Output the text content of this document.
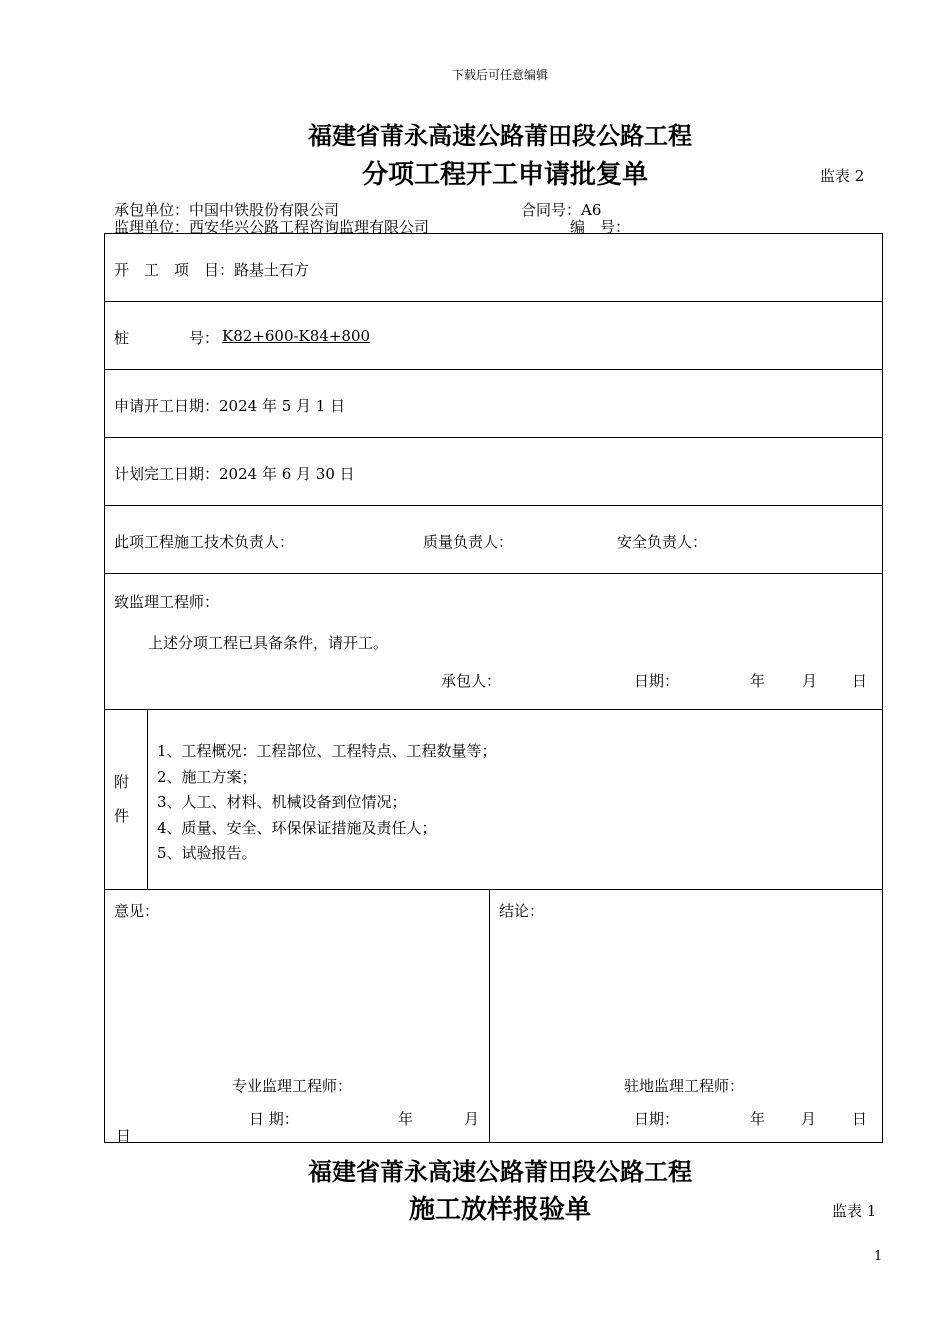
下载后可任意编辑
福建省莆永高速公路莆田段公路工程
分项工程开工申请批复单	监表 2
承包单位：中国中铁股份有限公司	合同号：A6
监理单位：西安华兴公路工程咨询监理有限公司	编　号：
开　工　项　目：路基土石方
桩　　　　号： K82+600-K84+800
申请开工日期：2024 年 5 月 1 日
计划完工日期：2024 年 6 月 30 日
此项工程施工技术负责人：	质量负责人：	安全负责人：
致监理工程师：
上述分项工程已具备条件，请开工。
承包人：	日期：	年 月 日
附
件
1、工程概况：工程部位、工程特点、工程数量等；
2、施工方案；
3、人工、材料、机械设备到位情况；
4、质量、安全、环保保证措施及责任人；
5、试验报告。
意见：	结论：
专业监理工程师：	驻地监理工程师：
日 期：	年	月
日
日期：	年 月 日
福建省莆永高速公路莆田段公路工程
施工放样报验单	监表 1
1
